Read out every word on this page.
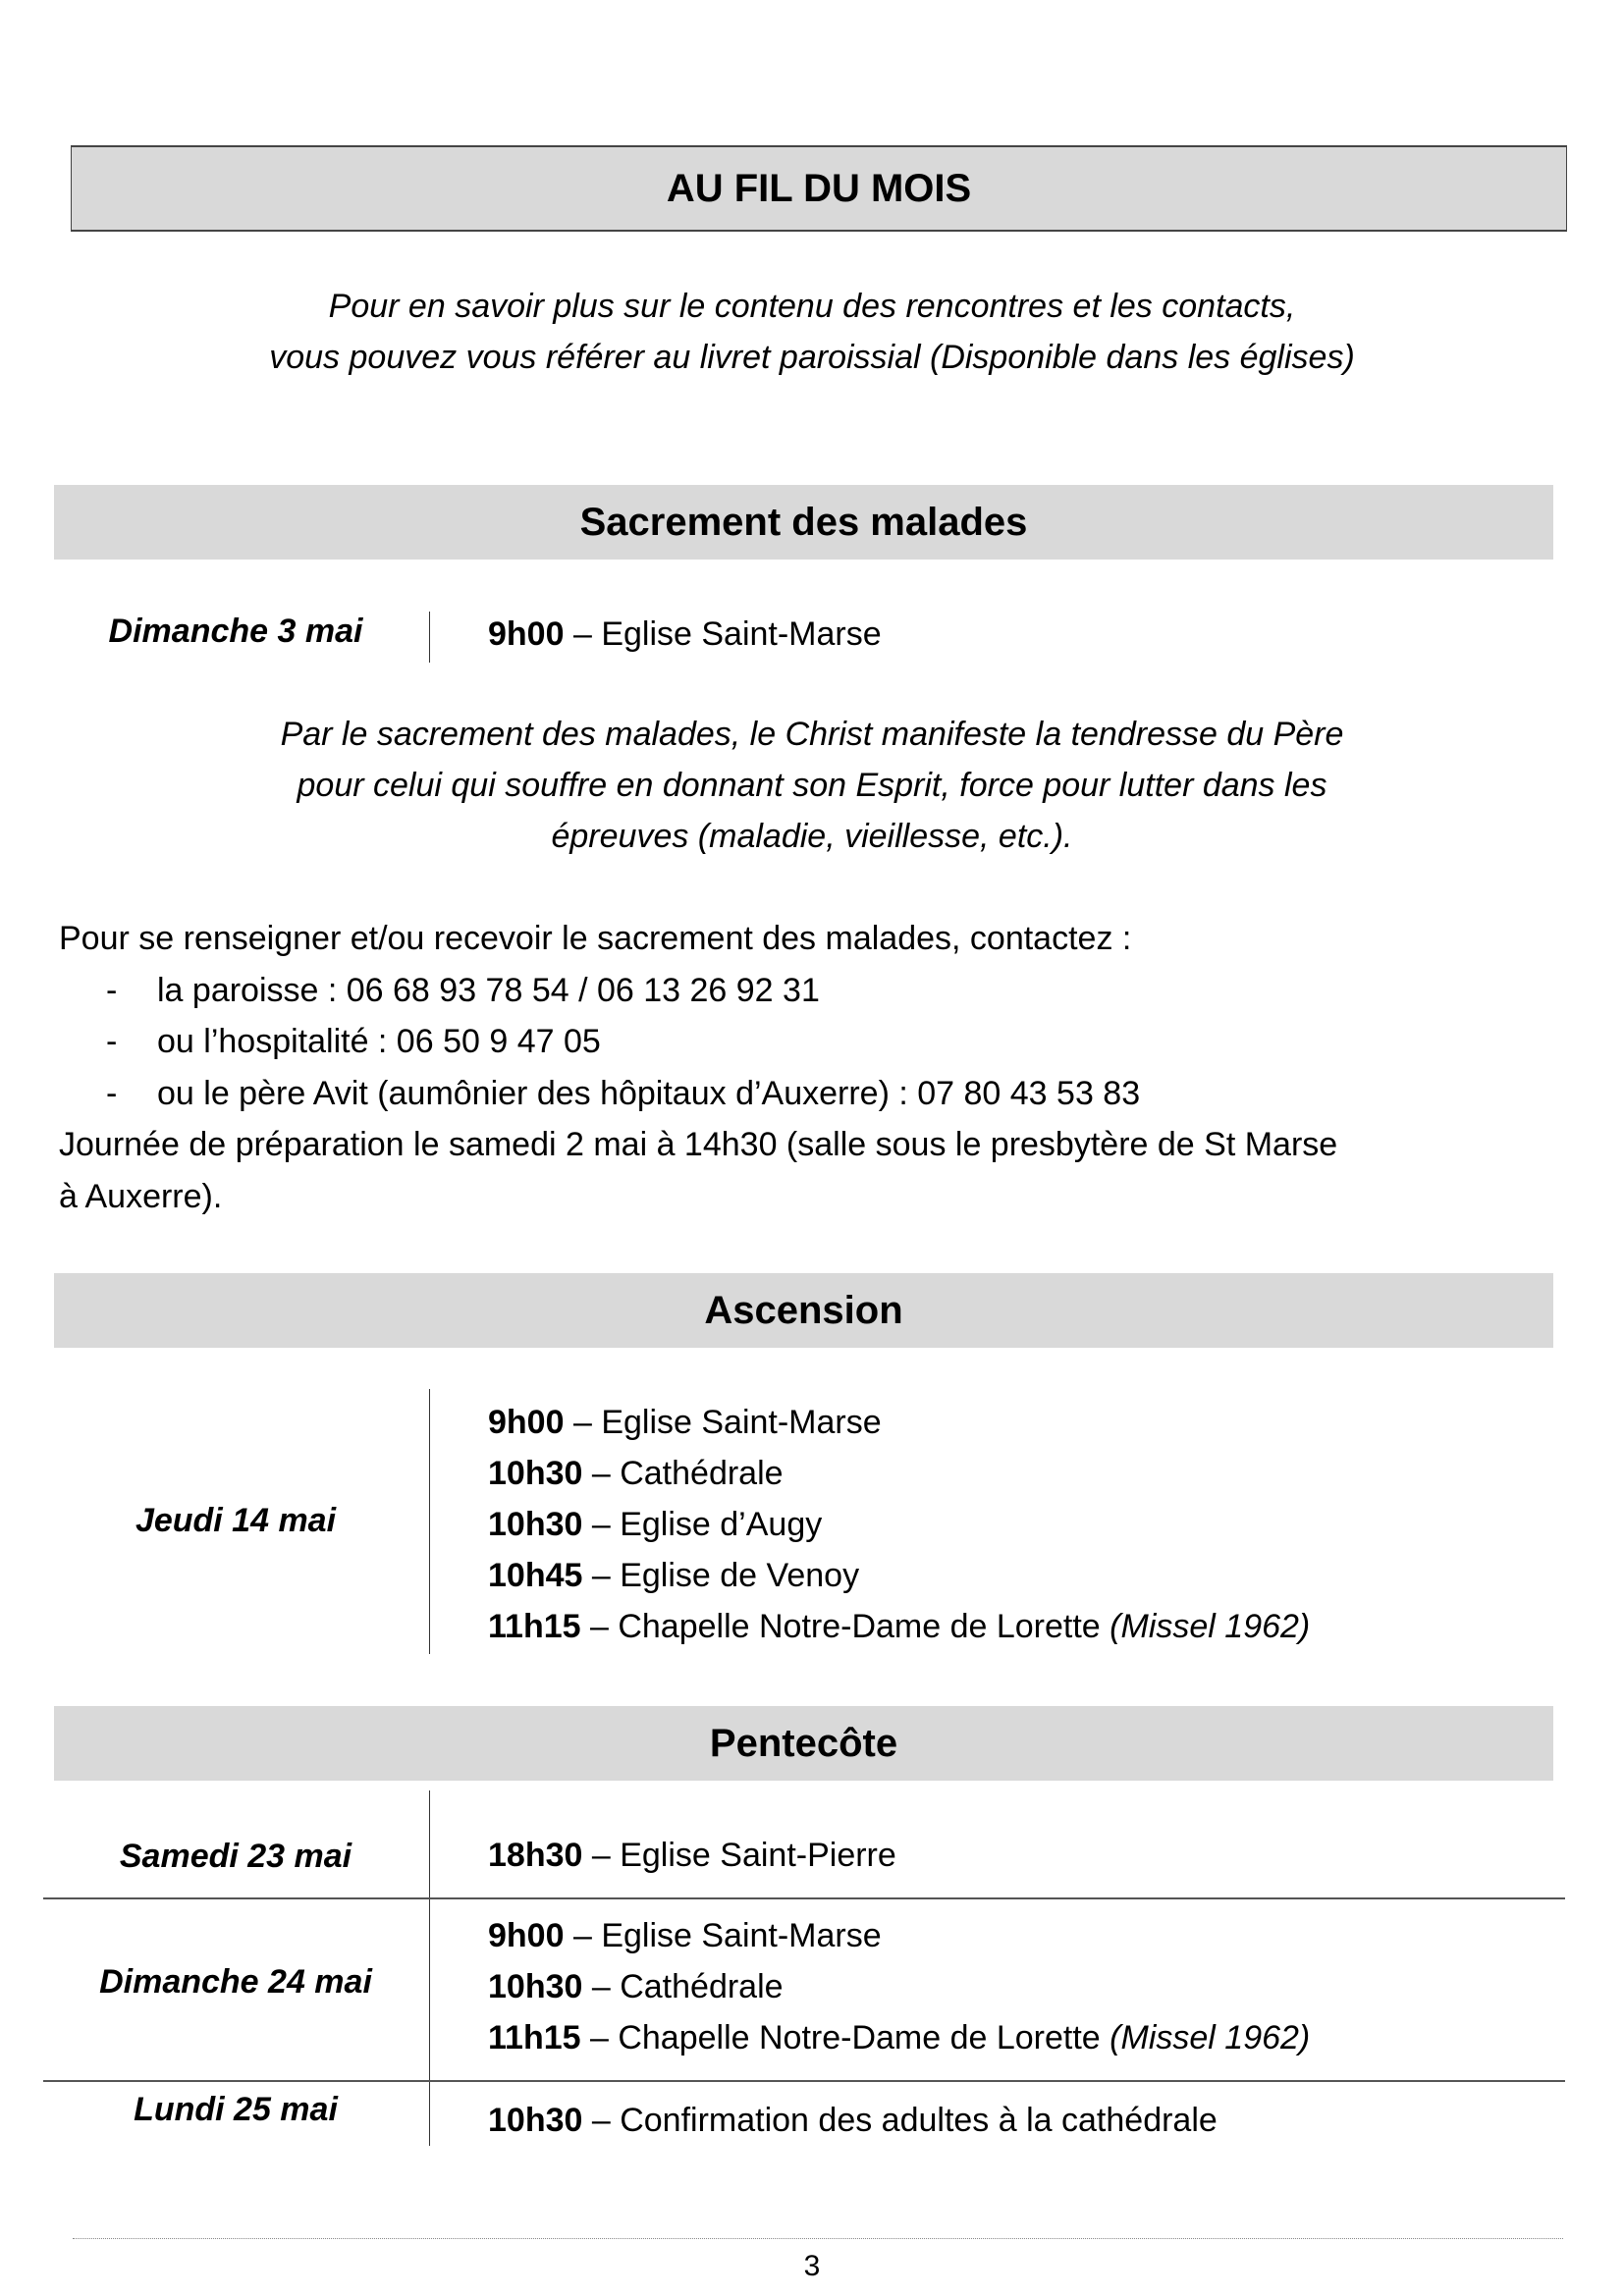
AU FIL DU MOIS
Pour en savoir plus sur le contenu des rencontres et les contacts,
vous pouvez vous référer au livret paroissial (Disponible dans les églises)
Sacrement des malades
Dimanche 3 mai	9h00 – Eglise Saint-Marse
Par le sacrement des malades, le Christ manifeste la tendresse du Père
pour celui qui souffre en donnant son Esprit, force pour lutter dans les
épreuves (maladie, vieillesse, etc.).
Pour se renseigner et/ou recevoir le sacrement des malades, contactez :
-	la paroisse : 06 68 93 78 54 / 06 13 26 92 31
-	ou l’hospitalité : 06 50 9 47 05
-	ou le père Avit (aumônier des hôpitaux d’Auxerre) : 07 80 43 53 83
Journée de préparation le samedi 2 mai à 14h30 (salle sous le presbytère de St Marse
à Auxerre).
Ascension
Jeudi 14 mai
9h00 – Eglise Saint-Marse
10h30 – Cathédrale
10h30 – Eglise d’Augy
10h45 – Eglise de Venoy
11h15 – Chapelle Notre-Dame de Lorette (Missel 1962)
Pentecôte
Samedi 23 mai	18h30 – Eglise Saint-Pierre
Dimanche 24 mai
9h00 – Eglise Saint-Marse
10h30 – Cathédrale
11h15 – Chapelle Notre-Dame de Lorette (Missel 1962)
Lundi 25 mai	10h30 – Confirmation des adultes à la cathédrale
3
